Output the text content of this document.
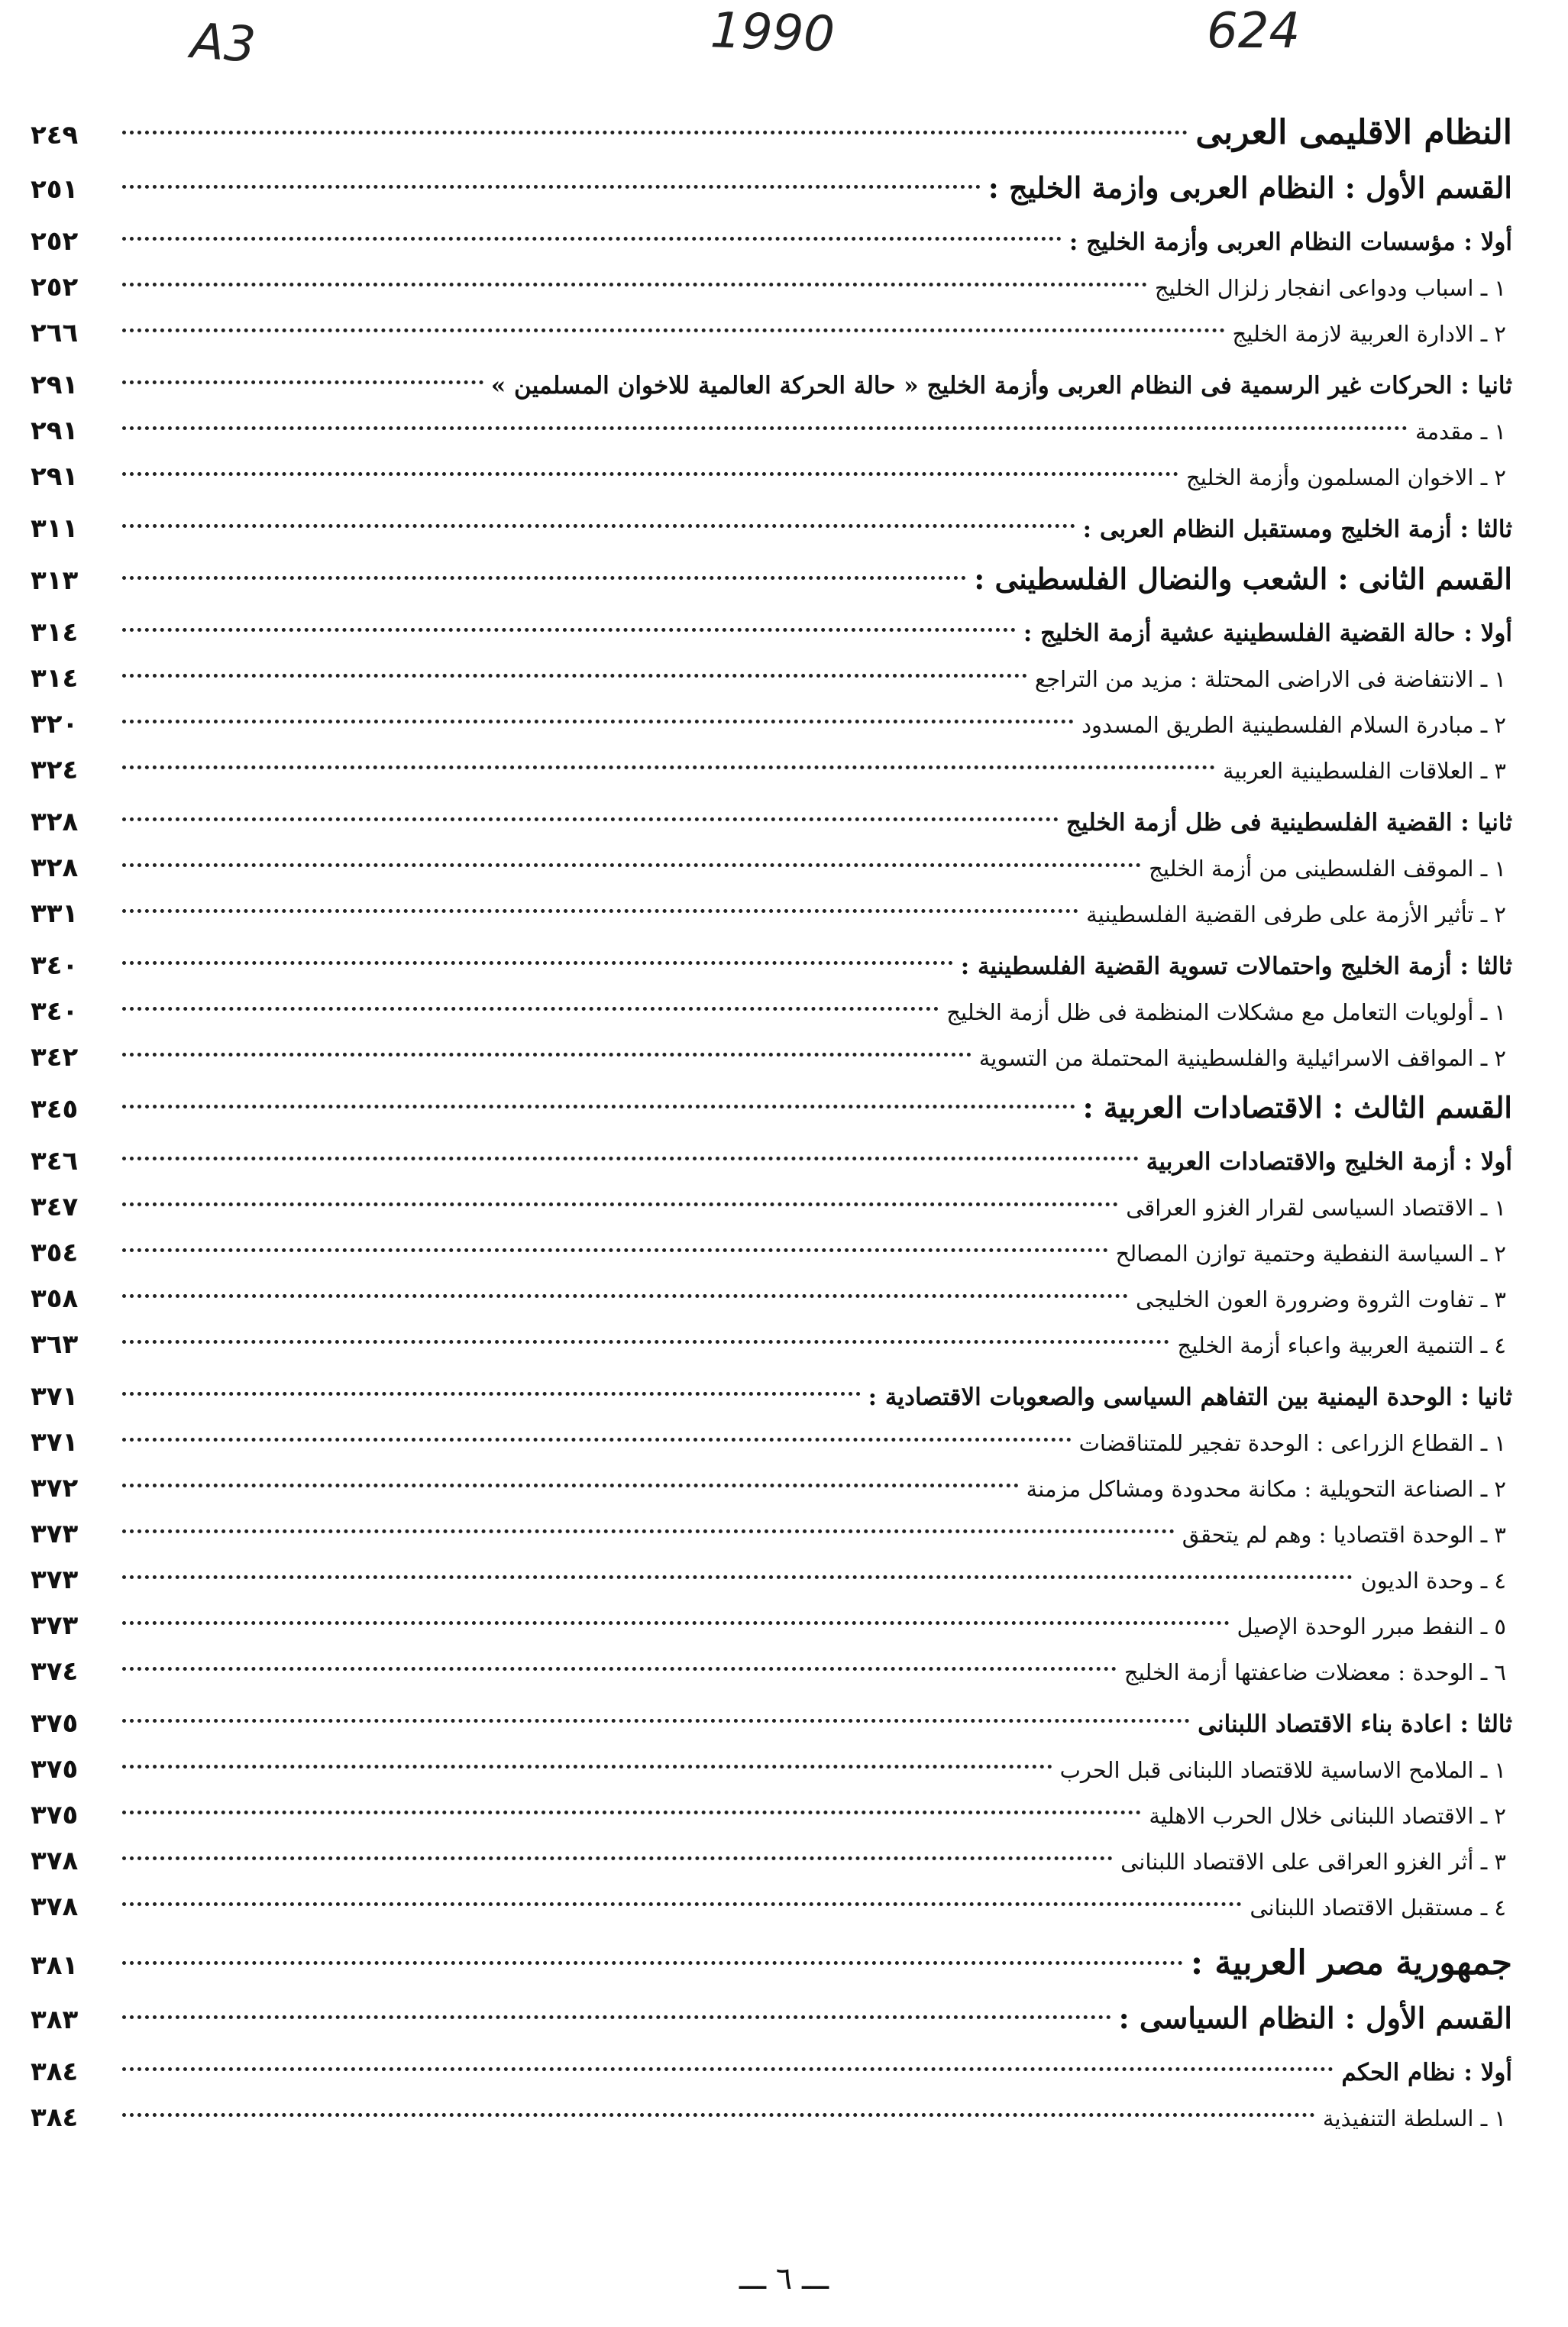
A3	1990	624
النظام الاقليمى العربى
٢٤٩
القسم الأول : النظام العربى وازمة الخليج :
٢٥١
أولا : مؤسسات النظام العربى وأزمة الخليج :
٢٥٢
١ ـ اسباب ودواعى انفجار زلزال الخليج
٢٥٢
٢ ـ الادارة العربية لازمة الخليج
٢٦٦
ثانيا : الحركات غير الرسمية فى النظام العربى وأزمة الخليج « حالة الحركة العالمية للاخوان المسلمين »
٢٩١
١ ـ مقدمة
٢٩١
٢ ـ الاخوان المسلمون وأزمة الخليج
٢٩١
ثالثا : أزمة الخليج ومستقبل النظام العربى :
٣١١
القسم الثانى : الشعب والنضال الفلسطينى :
٣١٣
أولا : حالة القضية الفلسطينية عشية أزمة الخليج :
٣١٤
١ ـ الانتفاضة فى الاراضى المحتلة : مزيد من التراجع
٣١٤
٢ ـ مبادرة السلام الفلسطينية الطريق المسدود
٣٢٠
٣ ـ العلاقات الفلسطينية العربية
٣٢٤
ثانيا : القضية الفلسطينية فى ظل أزمة الخليج
٣٢٨
١ ـ الموقف الفلسطينى من أزمة الخليج
٣٢٨
٢ ـ تأثير الأزمة على طرفى القضية الفلسطينية
٣٣١
ثالثا : أزمة الخليج واحتمالات تسوية القضية الفلسطينية :
٣٤٠
١ ـ أولويات التعامل مع مشكلات المنظمة فى ظل أزمة الخليج
٣٤٠
٢ ـ المواقف الاسرائيلية والفلسطينية المحتملة من التسوية
٣٤٢
القسم الثالث : الاقتصادات العربية :
٣٤٥
أولا : أزمة الخليج والاقتصادات العربية
٣٤٦
١ ـ الاقتصاد السياسى لقرار الغزو العراقى
٣٤٧
٢ ـ السياسة النفطية وحتمية توازن المصالح
٣٥٤
٣ ـ تفاوت الثروة وضرورة العون الخليجى
٣٥٨
٤ ـ التنمية العربية واعباء أزمة الخليج
٣٦٣
ثانيا : الوحدة اليمنية بين التفاهم السياسى والصعوبات الاقتصادية :
٣٧١
١ ـ القطاع الزراعى : الوحدة تفجير للمتناقضات
٣٧١
٢ ـ الصناعة التحويلية : مكانة محدودة ومشاكل مزمنة
٣٧٢
٣ ـ الوحدة اقتصاديا : وهم لم يتحقق
٣٧٣
٤ ـ وحدة الديون
٣٧٣
٥ ـ النفط مبرر الوحدة الإصيل
٣٧٣
٦ ـ الوحدة : معضلات ضاعفتها أزمة الخليج
٣٧٤
ثالثا : اعادة بناء الاقتصاد اللبنانى
٣٧٥
١ ـ الملامح الاساسية للاقتصاد اللبنانى قبل الحرب
٣٧٥
٢ ـ الاقتصاد اللبنانى خلال الحرب الاهلية
٣٧٥
٣ ـ أثر الغزو العراقى على الاقتصاد اللبنانى
٣٧٨
٤ ـ مستقبل الاقتصاد اللبنانى
٣٧٨
جمهورية مصر العربية :
٣٨١
القسم الأول : النظام السياسى :
٣٨٣
أولا : نظام الحكم
٣٨٤
١ ـ السلطة التنفيذية
٣٨٤
ـــ ٦ ـــ
